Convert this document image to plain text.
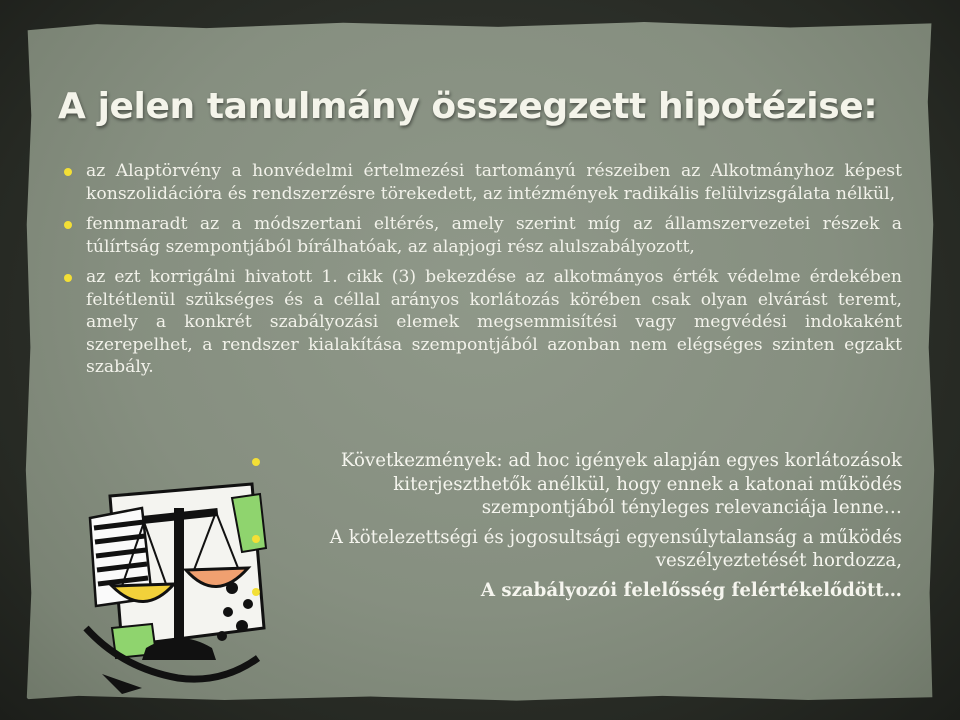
A jelen tanulmány összegzett hipotézise:
az Alaptörvény a honvédelmi értelmezési tartományú részeiben az Alkotmányhoz képest konszolidációra és rendszerzésre törekedett, az intézmények radikális felülvizsgálata nélkül,
fennmaradt az a módszertani eltérés, amely szerint míg az államszervezetei részek a túlírtság szempontjából bírálhatóak, az alapjogi rész alulszabályozott,
az ezt korrigálni hivatott 1. cikk (3) bekezdése az alkotmányos érték védelme érdekében feltétlenül szükséges és a céllal arányos korlátozás körében csak olyan elvárást teremt, amely a konkrét szabályozási elemek megsemmisítési vagy megvédési indokaként szerepelhet, a rendszer kialakítása szempontjából azonban nem elégséges szinten egzakt szabály.
Következmények: ad hoc igények alapján egyes korlátozások kiterjeszthetők anélkül, hogy ennek a katonai működés szempontjából tényleges relevanciája lenne…
A kötelezettségi és jogosultsági egyensúlytalanság a működés veszélyeztetését hordozza,
A szabályozói felelősség felértékelődött…
